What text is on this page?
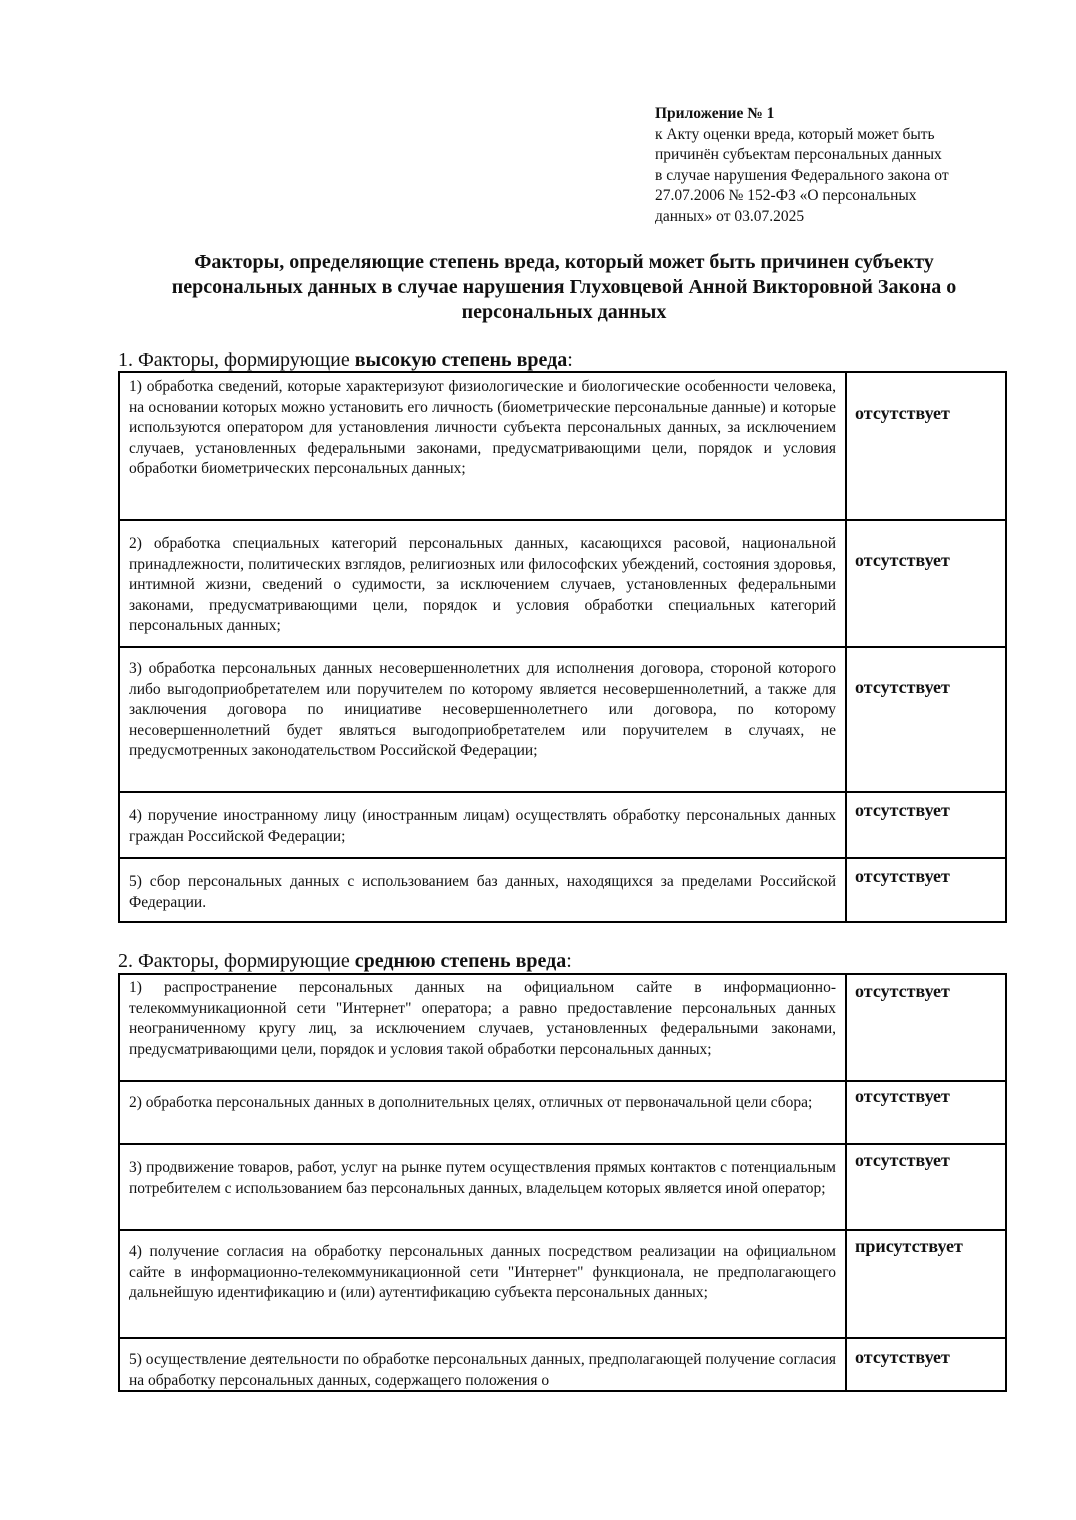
Приложение № 1
к Акту оценки вреда, который может быть
причинён субъектам персональных данных
в случае нарушения Федерального закона от
27.07.2006 № 152-ФЗ «О персональных
данных» от 03.07.2025
Факторы, определяющие степень вреда, который может быть причинен субъекту
персональных данных в случае нарушения Глуховцевой Анной Викторовной Закона о
персональных данных
1. Факторы, формирующие высокую степень вреда:
1) обработка сведений, которые характеризуют физиологические и биологические особенности человека, на основании которых можно установить его личность (биометрические персональные данные) и которые используются оператором для установления личности субъекта персональных данных, за исключением случаев, установленных федеральными законами, предусматривающими цели, порядок и условия обработки биометрических персональных данных;	отсутствует

2) обработка специальных категорий персональных данных, касающихся расовой, национальной принадлежности, политических взглядов, религиозных или философских убеждений, состояния здоровья, интимной жизни, сведений о судимости, за исключением случаев, установленных федеральными законами, предусматривающими цели, порядок и условия обработки специальных категорий персональных данных;	отсутствует

3) обработка персональных данных несовершеннолетних для исполнения договора, стороной которого либо выгодоприобретателем или поручителем по которому является несовершеннолетний, а также для заключения договора по инициативе несовершеннолетнего или договора, по которому несовершеннолетний будет являться выгодоприобретателем или поручителем в случаях, не предусмотренных законодательством Российской Федерации;	отсутствует

4) поручение иностранному лицу (иностранным лицам) осуществлять обработку персональных данных граждан Российской Федерации;	отсутствует

5) сбор персональных данных с использованием баз данных, находящихся за пределами Российской Федерации.	отсутствует
2. Факторы, формирующие среднюю степень вреда:
1) распространение персональных данных на официальном сайте в информационно-телекоммуникационной сети "Интернет" оператора; а равно предоставление персональных данных неограниченному кругу лиц, за исключением случаев, установленных федеральными законами, предусматривающими цели, порядок и условия такой обработки персональных данных;	отсутствует

2) обработка персональных данных в дополнительных целях, отличных от первоначальной цели сбора;	отсутствует

3) продвижение товаров, работ, услуг на рынке путем осуществления прямых контактов с потенциальным потребителем с использованием баз персональных данных, владельцем которых является иной оператор;	отсутствует

4) получение согласия на обработку персональных данных посредством реализации на официальном сайте в информационно-телекоммуникационной сети "Интернет" функционала, не предполагающего дальнейшую идентификацию и (или) аутентификацию субъекта персональных данных;	присутствует

5) осуществление деятельности по обработке персональных данных, предполагающей получение согласия на обработку персональных данных, содержащего положения о	отсутствует
